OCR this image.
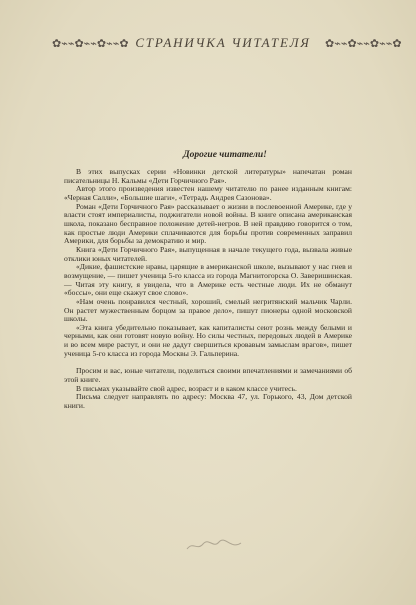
✿⌁⌁✿⌁⌁✿⌁⌁✿ СТРАНИЧКА ЧИТАТЕЛЯ	✿⌁⌁✿⌁⌁✿⌁⌁✿
Дорогие читатели!

В этих выпусках серии «Новинки детской литературы» напечатан роман писательницы Н. Кальмы «Дети Горчичного Рая».

Автор этого произведения известен нашему читателю по ранее изданным книгам: «Черная Салли», «Большие шаги», «Тетрадь Андрея Сазонова».

Роман «Дети Горчичного Рая» рассказывает о жизни в послевоенной Америке, где у власти стоят империалисты, поджигатели новой войны. В книге описана американская школа, показано бесправное положение детей-негров. В ней правдиво говорится о том, как простые люди Америки сплачиваются для борьбы против современных заправил Америки, для борьбы за демократию и мир.

Книга «Дети Горчичного Рая», выпущенная в начале текущего года, вызвала живые отклики юных читателей.

«Дикие, фашистские нравы, царящие в американской школе, вызывают у нас гнев и возмущение, — пишет ученица 5-го класса из города Магнитогорска О. Заверишинская. — Читая эту книгу, я увидела, что в Америке есть честные люди. Их не обманут «боссы», они еще скажут свое слово».

«Нам очень понравился честный, хороший, смелый негритянский мальчик Чарли. Он растет мужественным борцом за правое дело», пишут пионеры одной московской школы.

«Эта книга убедительно показывает, как капиталисты сеют рознь между белыми и черными, как они готовят новую войну. Но силы честных, передовых людей в Америке и во всем мире растут, и они не дадут свершиться кровавым замыслам врагов», пишет ученица 5-го класса из города Москвы Э. Гальперина.

Просим и вас, юные читатели, поделиться своими впечатлениями и замечаниями об этой книге.

В письмах указывайте свой адрес, возраст и в каком классе учитесь.

Письма следует направлять по адресу: Москва 47, ул. Горького, 43, Дом детской книги.
